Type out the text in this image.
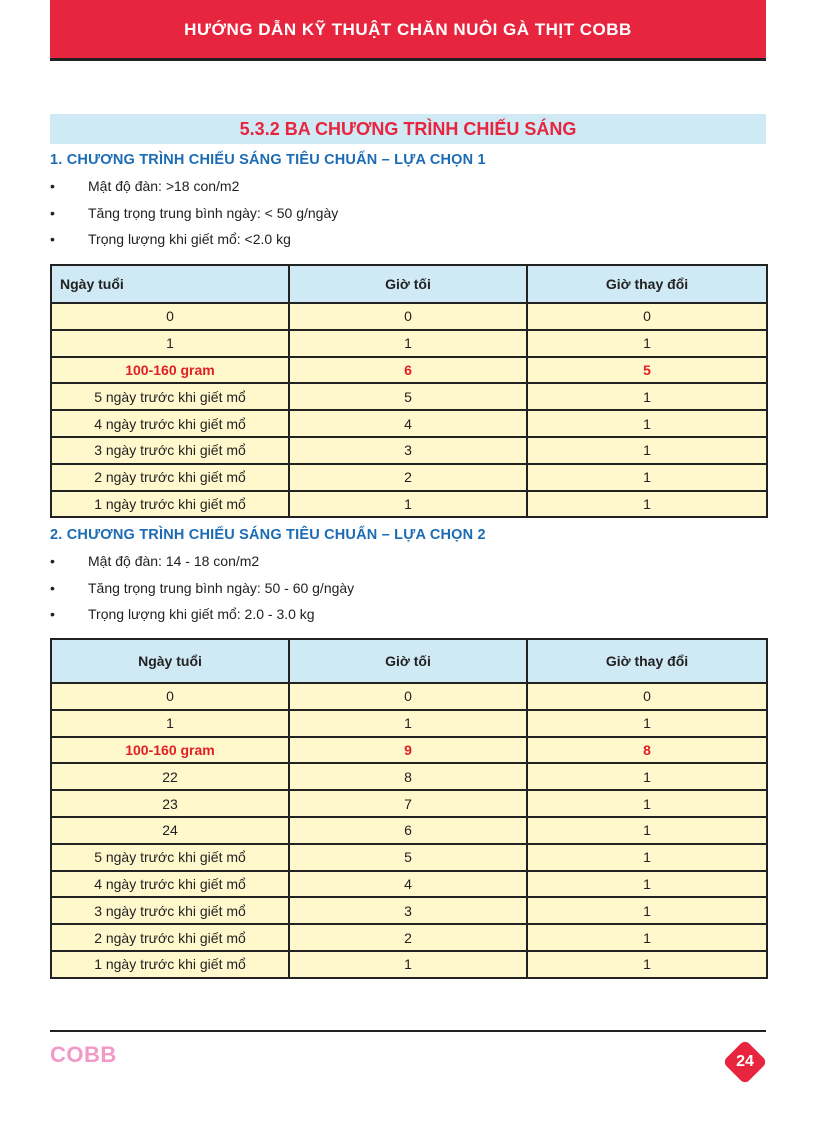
HƯỚNG DẪN KỸ THUẬT CHĂN NUÔI GÀ THỊT COBB
5.3.2 BA CHƯƠNG TRÌNH CHIẾU SÁNG
1. CHƯƠNG TRÌNH CHIẾU SÁNG TIÊU CHUẨN – LỰA CHỌN 1
• Mật độ đàn: >18 con/m2
• Tăng trọng trung bình ngày: < 50 g/ngày
• Trọng lượng khi giết mổ: <2.0 kg
Ngày tuổi	Giờ tối	Giờ thay đổi
0	0	0
1	1	1
100-160 gram	6	5
5 ngày trước khi giết mổ	5	1
4 ngày trước khi giết mổ	4	1
3 ngày trước khi giết mổ	3	1
2 ngày trước khi giết mổ	2	1
1 ngày trước khi giết mổ	1	1
2. CHƯƠNG TRÌNH CHIẾU SÁNG TIÊU CHUẨN – LỰA CHỌN 2
• Mật độ đàn: 14 - 18 con/m2
• Tăng trọng trung bình ngày: 50 - 60 g/ngày
• Trọng lượng khi giết mổ: 2.0 - 3.0 kg
Ngày tuổi	Giờ tối	Giờ thay đổi
0	0	0
1	1	1
100-160 gram	9	8
22	8	1
23	7	1
24	6	1
5 ngày trước khi giết mổ	5	1
4 ngày trước khi giết mổ	4	1
3 ngày trước khi giết mổ	3	1
2 ngày trước khi giết mổ	2	1
1 ngày trước khi giết mổ	1	1
COBB	24
